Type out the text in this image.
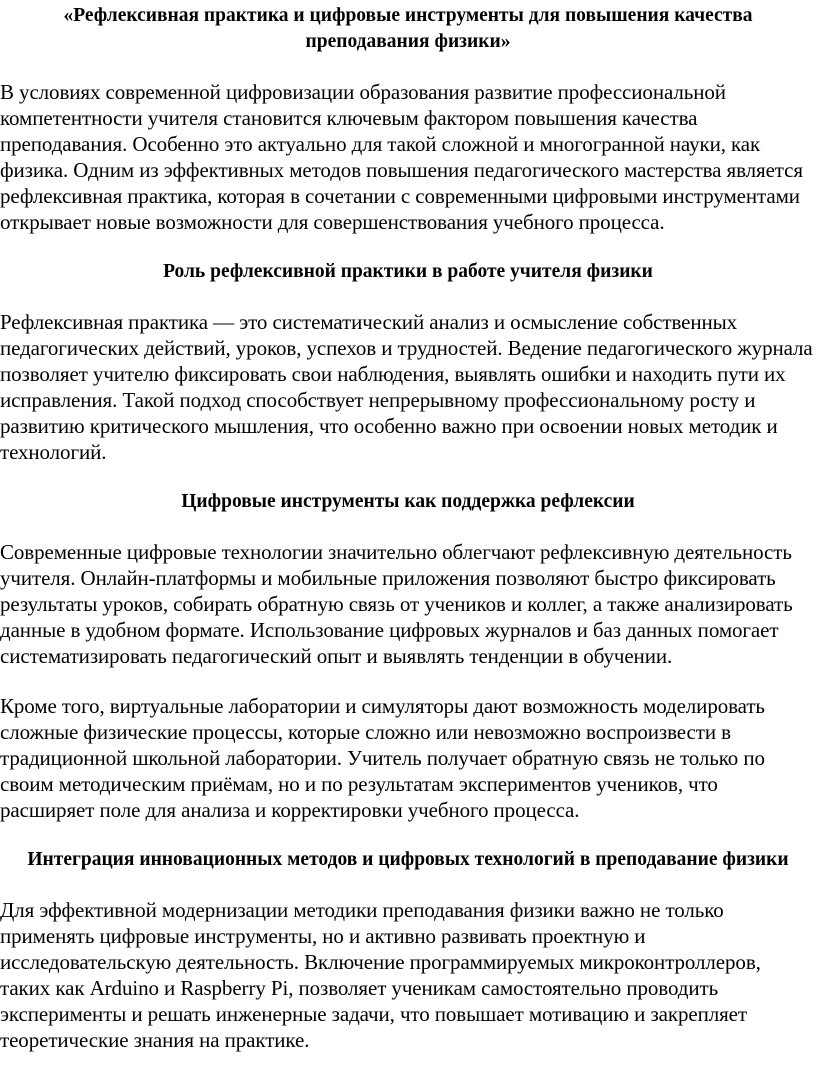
«Рефлексивная практика и цифровые инструменты для повышения качества преподавания физики»

В условиях современной цифровизации образования развитие профессиональной компетентности учителя становится ключевым фактором повышения качества преподавания. Особенно это актуально для такой сложной и многогранной науки, как физика. Одним из эффективных методов повышения педагогического мастерства является рефлексивная практика, которая в сочетании с современными цифровыми инструментами открывает новые возможности для совершенствования учебного процесса.

Роль рефлексивной практики в работе учителя физики

Рефлексивная практика — это систематический анализ и осмысление собственных педагогических действий, уроков, успехов и трудностей. Ведение педагогического журнала позволяет учителю фиксировать свои наблюдения, выявлять ошибки и находить пути их исправления. Такой подход способствует непрерывному профессиональному росту и развитию критического мышления, что особенно важно при освоении новых методик и технологий.

Цифровые инструменты как поддержка рефлексии

Современные цифровые технологии значительно облегчают рефлексивную деятельность учителя. Онлайн-платформы и мобильные приложения позволяют быстро фиксировать результаты уроков, собирать обратную связь от учеников и коллег, а также анализировать данные в удобном формате. Использование цифровых журналов и баз данных помогает систематизировать педагогический опыт и выявлять тенденции в обучении.

Кроме того, виртуальные лаборатории и симуляторы дают возможность моделировать сложные физические процессы, которые сложно или невозможно воспроизвести в традиционной школьной лаборатории. Учитель получает обратную связь не только по своим методическим приёмам, но и по результатам экспериментов учеников, что расширяет поле для анализа и корректировки учебного процесса.

Интеграция инновационных методов и цифровых технологий в преподавание физики

Для эффективной модернизации методики преподавания физики важно не только применять цифровые инструменты, но и активно развивать проектную и исследовательскую деятельность. Включение программируемых микроконтроллеров, таких как Arduino и Raspberry Pi, позволяет ученикам самостоятельно проводить эксперименты и решать инженерные задачи, что повышает мотивацию и закрепляет теоретические знания на практике.
